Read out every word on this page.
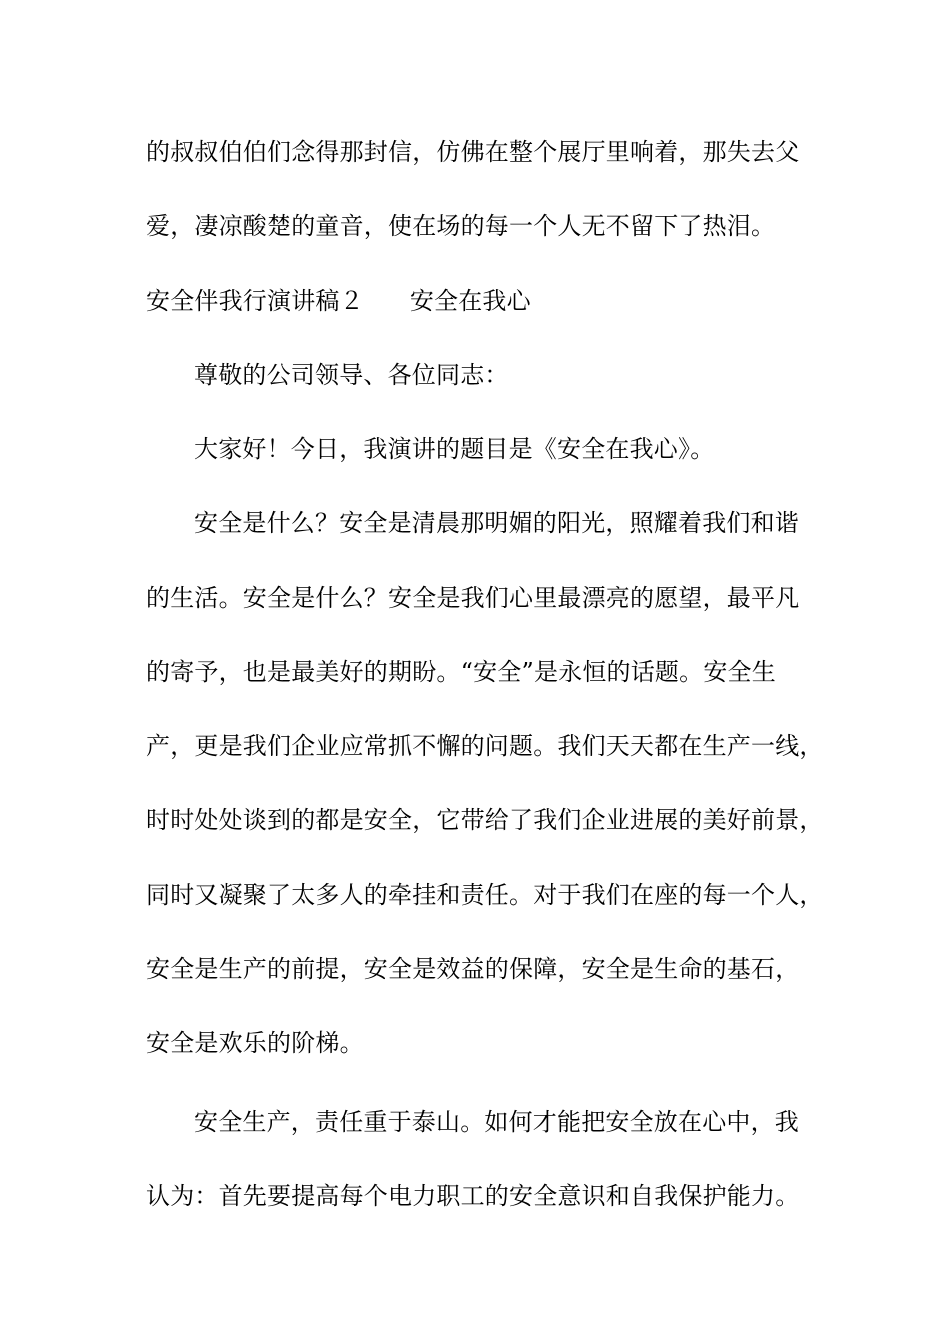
的叔叔伯伯们念得那封信，仿佛在整个展厅里响着，那失去父
爱，凄凉酸楚的童音，使在场的每一个人无不留下了热泪。
安全伴我行演讲稿２ 安全在我心
尊敬的公司领导、各位同志：
大家好！今日，我演讲的题目是《安全在我心》。
安全是什么？安全是清晨那明媚的阳光，照耀着我们和谐
的生活。安全是什么？安全是我们心里最漂亮的愿望，最平凡
的寄予，也是最美好的期盼。“安全”是永恒的话题。安全生
产，更是我们企业应常抓不懈的问题。我们天天都在生产一线，
时时处处谈到的都是安全，它带给了我们企业进展的美好前景，
同时又凝聚了太多人的牵挂和责任。对于我们在座的每一个人，
安全是生产的前提，安全是效益的保障，安全是生命的基石，
安全是欢乐的阶梯。
安全生产，责任重于泰山。如何才能把安全放在心中，我
认为：首先要提高每个电力职工的安全意识和自我保护能力。
